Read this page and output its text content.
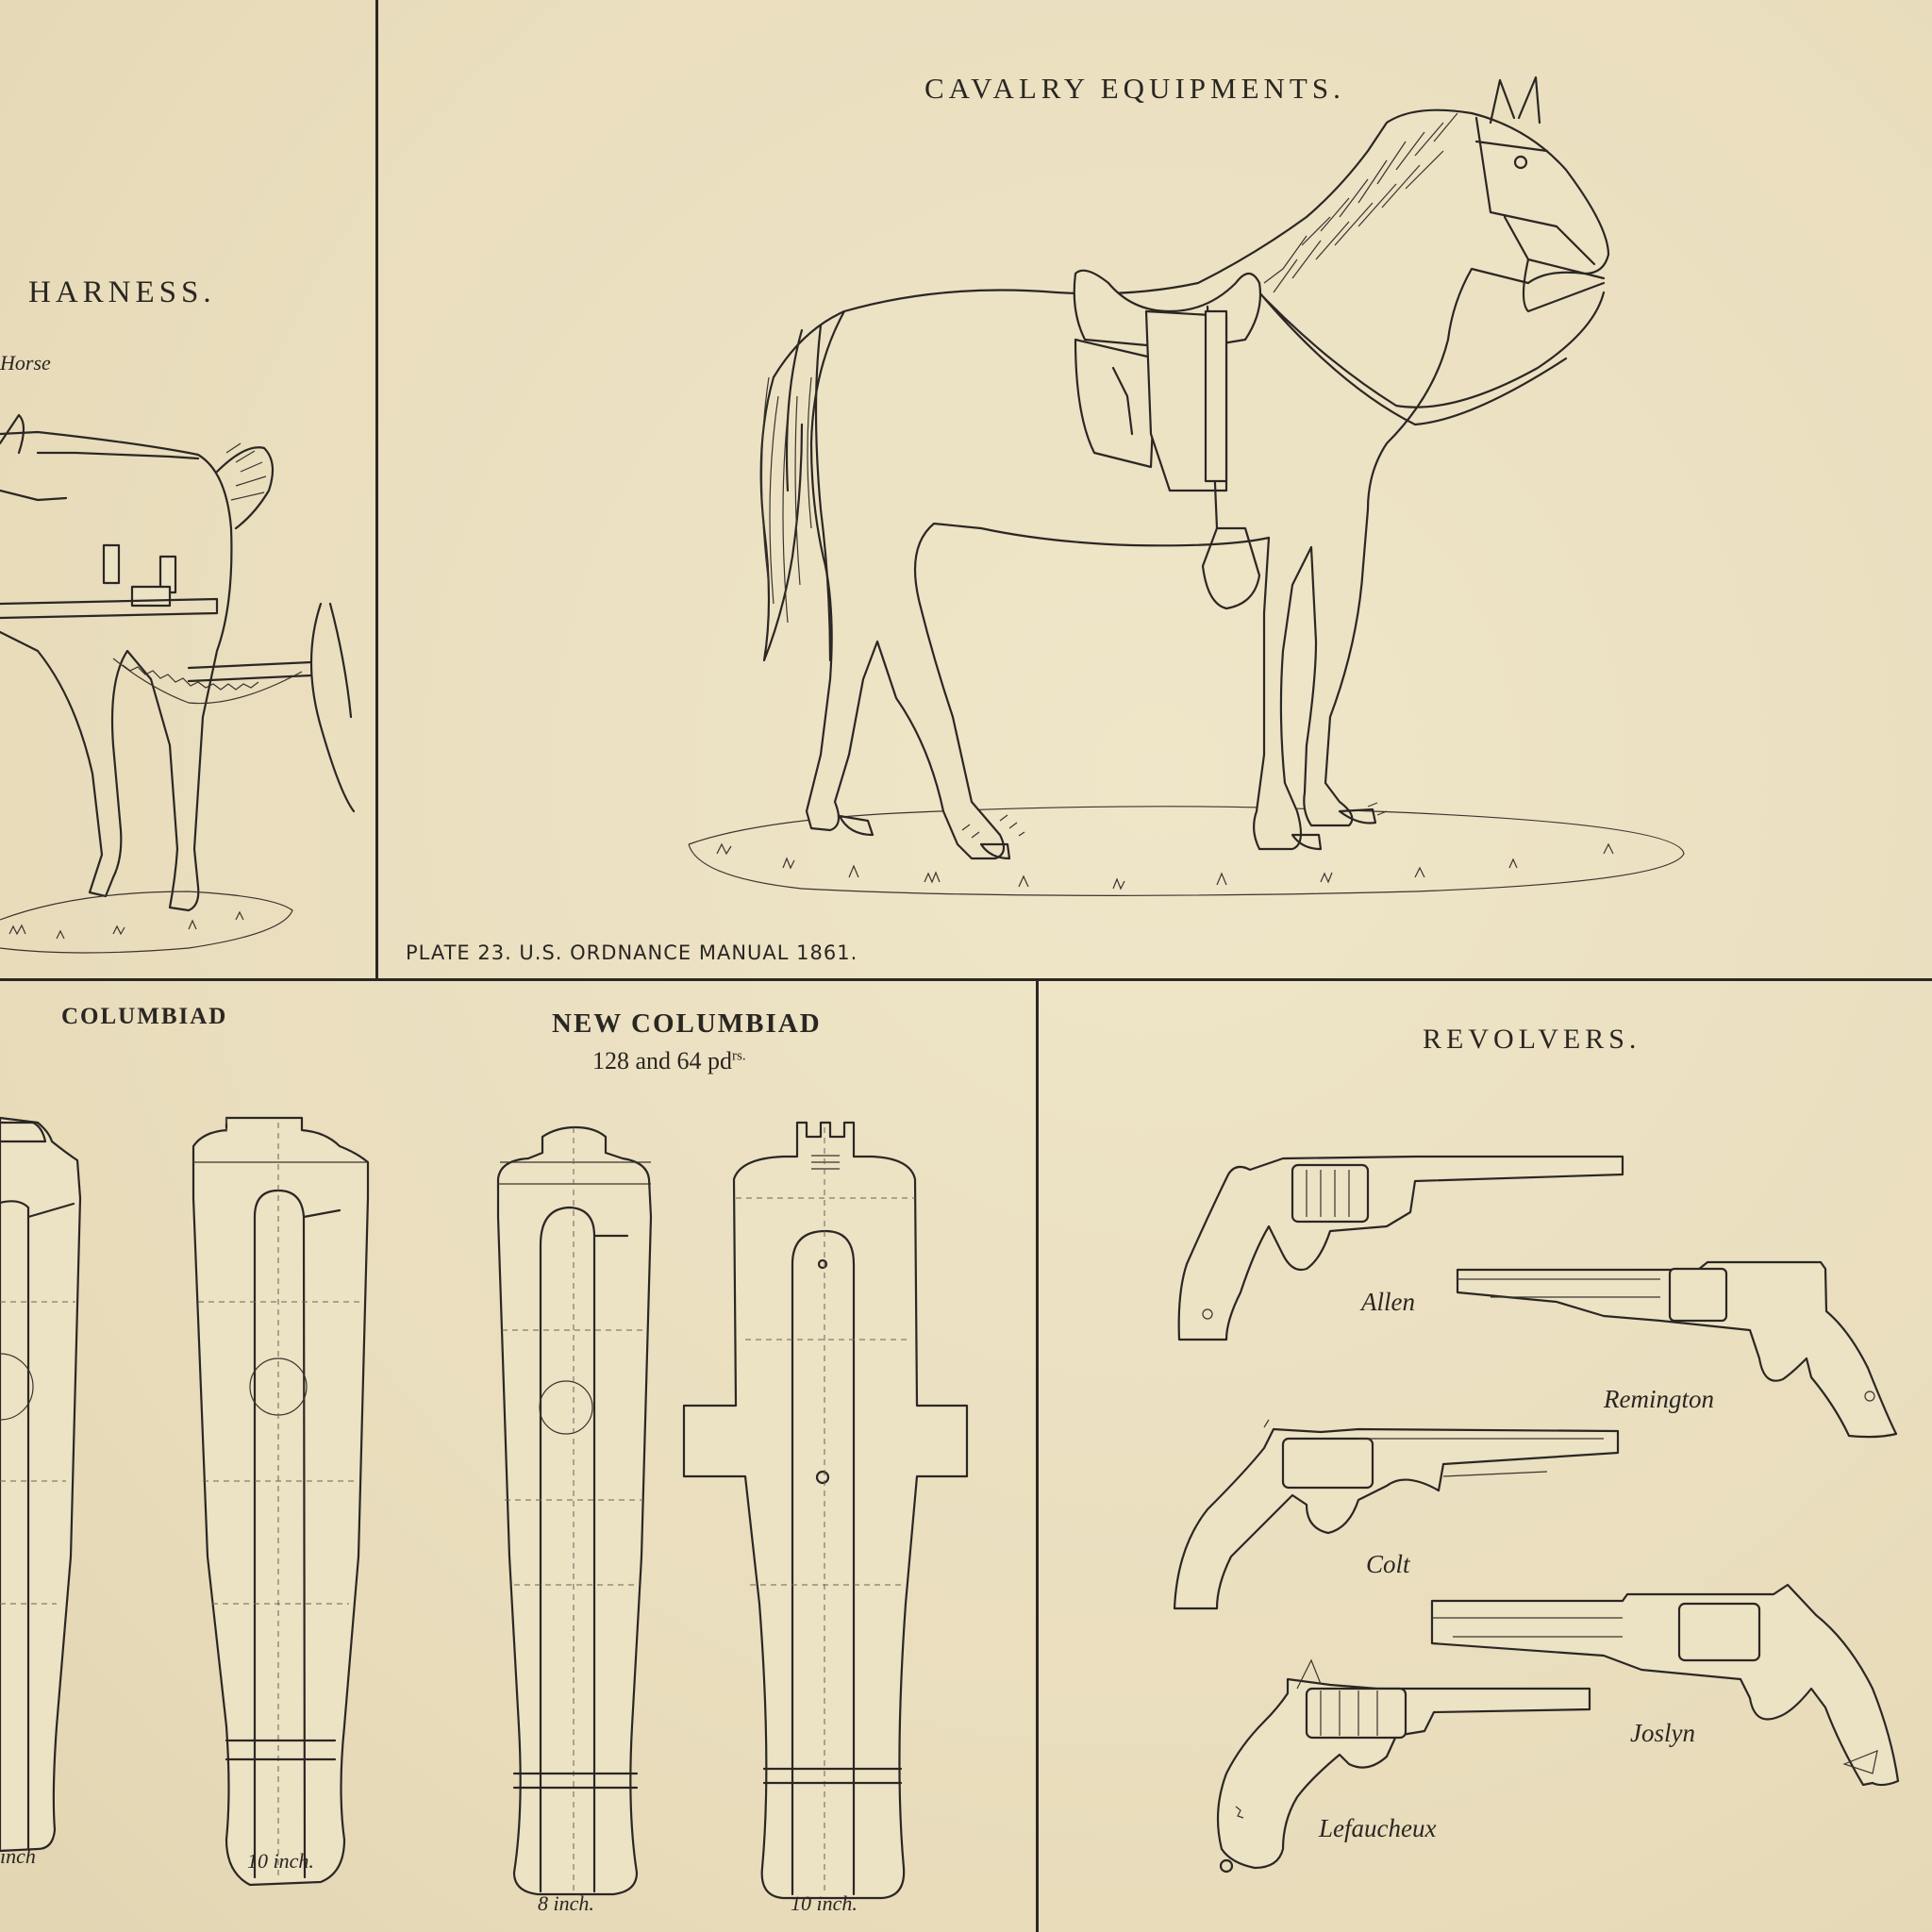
HARNESS.
Horse
CAVALRY EQUIPMENTS.
PLATE 23. U.S. ORDNANCE MANUAL 1861.
COLUMBIAD	NEW COLUMBIAD
128 and 64 $pd^{rs.}$
inch	10 inch.
8 inch.	10 inch.
REVOLVERS.
Allen
Remington
Colt
Joslyn
Lefaucheux
